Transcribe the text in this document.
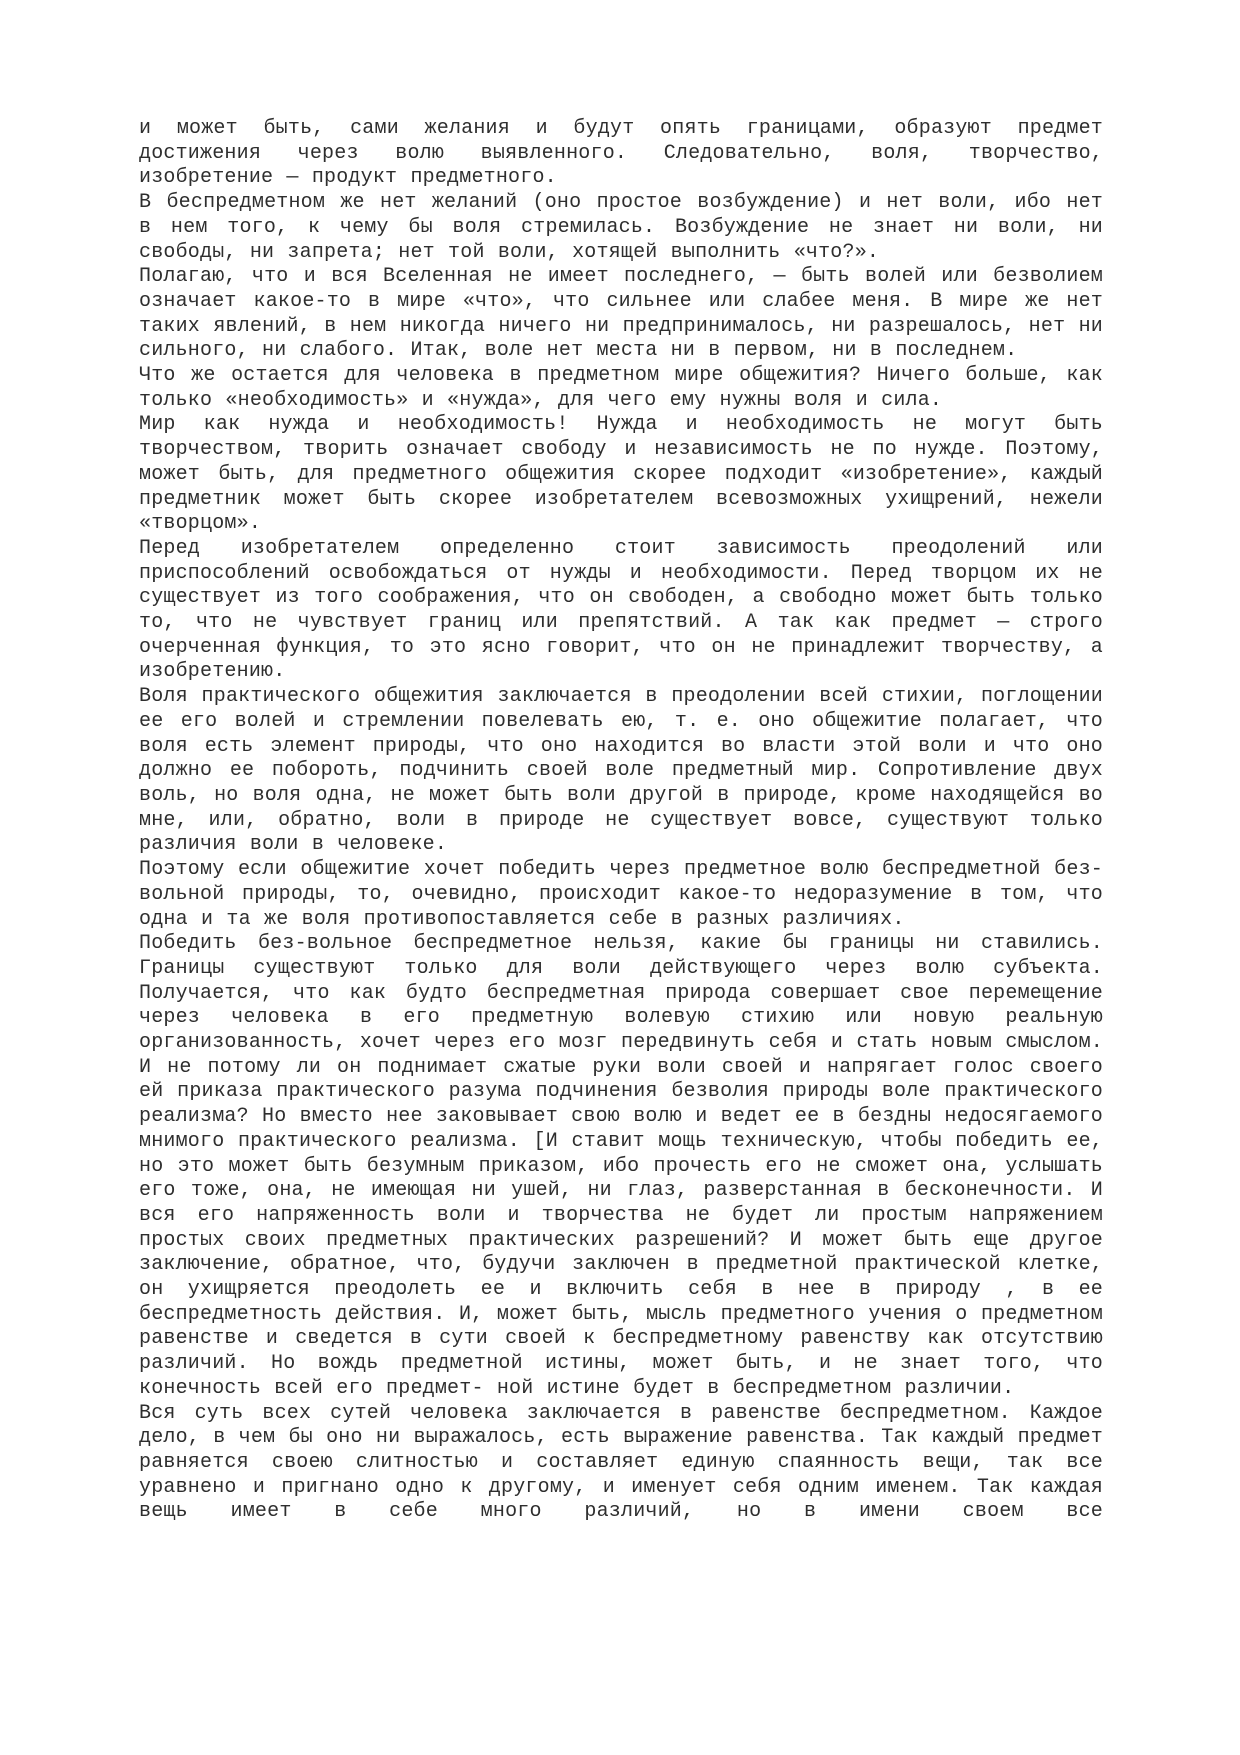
и может быть, сами желания и будут опять границами, образуют предмет достижения через волю выявленного. Следовательно, воля, творчество, изобретение — продукт предметного.

В беспредметном же нет желаний (оно простое возбуждение) и нет воли, ибо нет в нем того, к чему бы воля стремилась. Возбуждение не знает ни воли, ни свободы, ни запрета; нет той воли, хотящей выполнить «что?».

Полагаю, что и вся Вселенная не имеет последнего, — быть волей или безволием означает какое-то в мире «что», что сильнее или слабее меня. В мире же нет таких явлений, в нем никогда ничего ни предпринималось, ни разрешалось, нет ни сильного, ни слабого. Итак, воле нет места ни в первом, ни в последнем.

Что же остается для человека в предметном мире общежития? Ничего больше, как только «необходимость» и «нужда», для чего ему нужны воля и сила.

Мир как нужда и необходимость! Нужда и необходимость не могут быть творчеством, творить означает свободу и независимость не по нужде. Поэтому, может быть, для предметного общежития скорее подходит «изобретение», каждый предметник может быть скорее изобретателем всевозможных ухищрений, нежели «творцом».

Перед изобретателем определенно стоит зависимость преодолений или приспособлений освобождаться от нужды и необходимости. Перед творцом их не существует из того соображения, что он свободен, а свободно может быть только то, что не чувствует границ или препятствий. А так как предмет — строго очерченная функция, то это ясно говорит, что он не принадлежит творчеству, а изобретению.

Воля практического общежития заключается в преодолении всей стихии, поглощении ее его волей и стремлении повелевать ею, т. е. оно общежитие полагает, что воля есть элемент природы, что оно находится во власти этой воли и что оно должно ее побороть, подчинить своей воле предметный мир. Сопротивление двух воль, но воля одна, не может быть воли другой в природе, кроме находящейся во мне, или, обратно, воли в природе не существует вовсе, существуют только различия воли в человеке.

Поэтому если общежитие хочет победить через предметное волю беспредметной без-вольной природы, то, очевидно, происходит какое-то недоразумение в том, что одна и та же воля противопоставляется себе в разных различиях.

Победить без-вольное беспредметное нельзя, какие бы границы ни ставились. Границы существуют только для воли действующего через волю субъекта. Получается, что как будто беспредметная природа совершает свое перемещение через человека в его предметную волевую стихию или новую реальную организованность, хочет через его мозг передвинуть себя и стать новым смыслом. И не потому ли он поднимает сжатые руки воли своей и напрягает голос своего ей приказа практического разума подчинения безволия природы воле практического реализма? Но вместо нее заковывает свою волю и ведет ее в бездны недосягаемого мнимого практического реализма. [И ставит мощь техническую, чтобы победить ее, но это может быть безумным приказом, ибо прочесть его не сможет она, услышать его тоже, она, не имеющая ни ушей, ни глаз, разверстанная в бесконечности. И вся его напряженность воли и творчества не будет ли простым напряжением простых своих предметных практических разрешений? И может быть еще другое заключение, обратное, что, будучи заключен в предметной практической клетке, он ухищряется преодолеть ее и включить себя в нее в природу , в ее беспредметность действия. И, может быть, мысль предметного учения о предметном равенстве и сведется в сути своей к беспредметному равенству как отсутствию различий. Но вождь предметной истины, может быть, и не знает того, что конечность всей его предмет- ной истине будет в беспредметном различии.

Вся суть всех сутей человека заключается в равенстве беспредметном. Каждое дело, в чем бы оно ни выражалось, есть выражение равенства. Так каждый предмет равняется своею слитностью и составляет единую спаянность вещи, так все уравнено и пригнано одно к другому, и именует себя одним именем. Так каждая вещь имеет в себе много различий, но в имени своем все
